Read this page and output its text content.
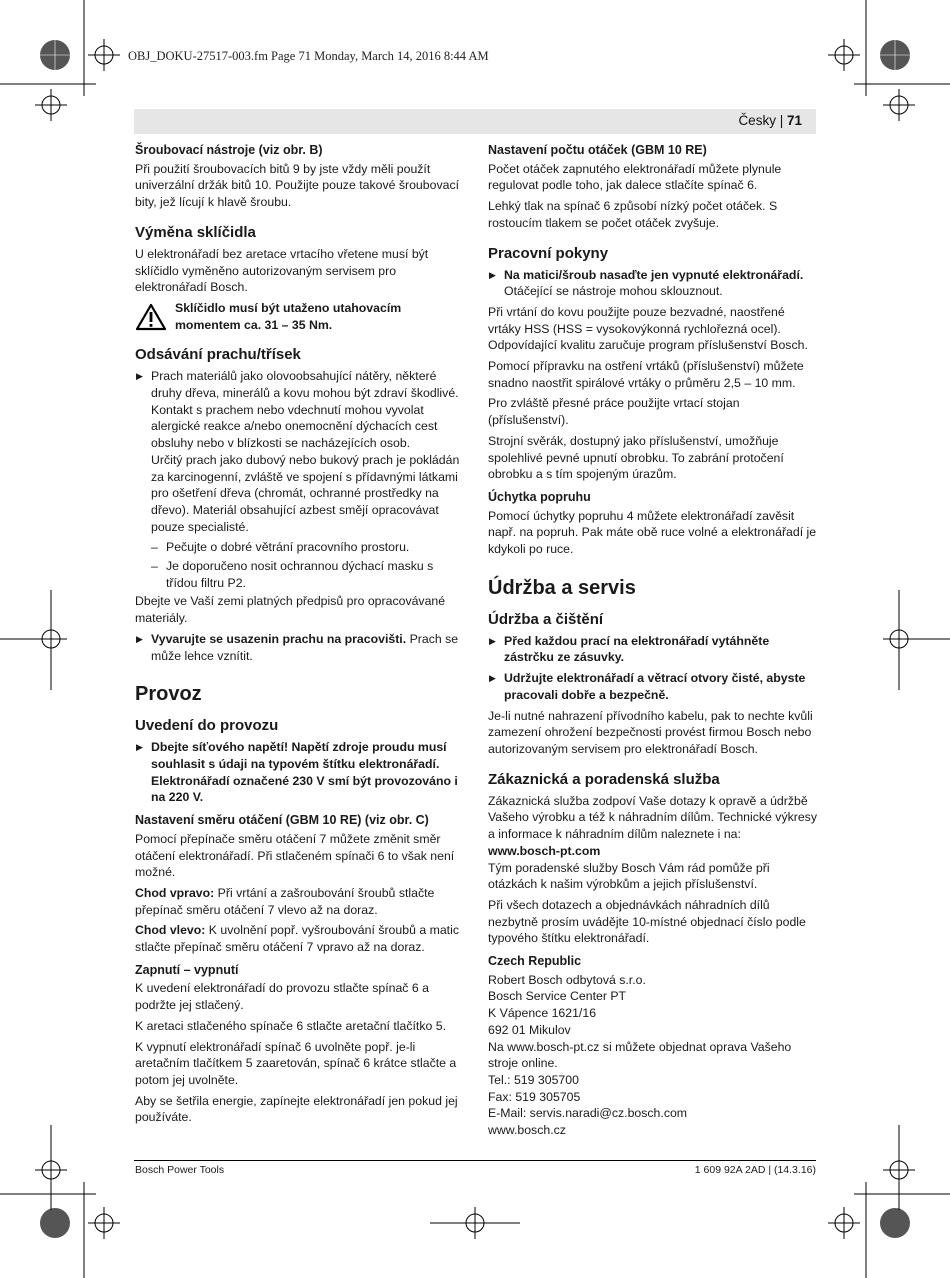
OBJ_DOKU-27517-003.fm Page 71 Monday, March 14, 2016 8:44 AM
Česky | 71
Šroubovací nástroje (viz obr. B)

Při použití šroubovacích bitů 9 by jste vždy měli použít univerzální držák bitů 10. Použijte pouze takové šroubovací bity, jež lícují k hlavě šroubu.

Výměna sklíčidla

U elektronářadí bez aretace vrtacího vřetene musí být sklíčidlo vyměněno autorizovaným servisem pro elektronářadí Bosch.

Sklíčidlo musí být utaženo utahovacím momentem ca. 31 – 35 Nm.
Odsávání prachu/třísek
▶ Prach materiálů jako olovoobsahující nátěry, některé druhy dřeva, minerálů a kovu mohou být zdraví škodlivé. Kontakt s prachem nebo vdechnutí mohou vyvolat alergické reakce a/nebo onemocnění dýchacích cest obsluhy nebo v blízkosti se nacházejících osob.
Určitý prach jako dubový nebo bukový prach je pokládán za karcinogenní, zvláště ve spojení s přídavnými látkami pro ošetření dřeva (chromát, ochranné prostředky na dřevo). Materiál obsahující azbest smějí opracovávat pouze specialisté.
– Pečujte o dobré větrání pracovního prostoru.
– Je doporučeno nosit ochrannou dýchací masku s třídou filtru P2.

Dbejte ve Vaší zemi platných předpisů pro opracovávané materiály.

▶ Vyvarujte se usazenin prachu na pracovišti. Prach se může lehce vznítit.
Provoz
Uvedení do provozu
▶ Dbejte síťového napětí! Napětí zdroje proudu musí souhlasit s údaji na typovém štítku elektronářadí. Elektronářadí označené 230 V smí být provozováno i na 220 V.
Nastavení směru otáčení (GBM 10 RE) (viz obr. C)

Pomocí přepínače směru otáčení 7 můžete změnit směr otáčení elektronářadí. Při stlačeném spínači 6 to však není možné.

Chod vpravo: Při vrtání a zašroubování šroubů stlačte přepínač směru otáčení 7 vlevo až na doraz.

Chod vlevo: K uvolnění popř. vyšroubování šroubů a matic stlačte přepínač směru otáčení 7 vpravo až na doraz.

Zapnutí – vypnutí

K uvedení elektronářadí do provozu stlačte spínač 6 a podržte jej stlačený.

K aretaci stlačeného spínače 6 stlačte aretační tlačítko 5.

K vypnutí elektronářadí spínač 6 uvolněte popř. je-li aretačním tlačítkem 5 zaaretován, spínač 6 krátce stlačte a potom jej uvolněte.

Aby se šetřila energie, zapínejte elektronářadí jen pokud jej používáte.

Nastavení počtu otáček (GBM 10 RE)

Počet otáček zapnutého elektronářadí můžete plynule regulovat podle toho, jak dalece stlačíte spínač 6.

Lehký tlak na spínač 6 způsobí nízký počet otáček. S rostoucím tlakem se počet otáček zvyšuje.

Pracovní pokyny
▶ Na matici/šroub nasaďte jen vypnuté elektronářadí.
Otáčející se nástroje mohou sklouznout.

Při vrtání do kovu použijte pouze bezvadné, naostřené vrtáky HSS (HSS = vysokovýkonná rychlořezná ocel). Odpovídající kvalitu zaručuje program příslušenství Bosch.

Pomocí přípravku na ostření vrtáků (příslušenství) můžete snadno naostřit spirálové vrtáky o průměru 2,5 – 10 mm.

Pro zvláště přesné práce použijte vrtací stojan (příslušenství).

Strojní svěrák, dostupný jako příslušenství, umožňuje spolehlivé pevné upnutí obrobku. To zabrání protočení obrobku a s tím spojeným úrazům.

Úchytka popruhu

Pomocí úchytky popruhu 4 můžete elektronářadí zavěsit např. na popruh. Pak máte obě ruce volné a elektronářadí je kdykoli po ruce.

Údržba a servis
Údržba a čištění
▶ Před každou prací na elektronářadí vytáhněte zástrčku ze zásuvky.
▶ Udržujte elektronářadí a větrací otvory čisté, abyste pracovali dobře a bezpečně.

Je-li nutné nahrazení přívodního kabelu, pak to nechte kvůli zamezení ohrožení bezpečnosti provést firmou Bosch nebo autorizovaným servisem pro elektronářadí Bosch.

Zákaznická a poradenská služba

Zákaznická služba zodpoví Vaše dotazy k opravě a údržbě Vašeho výrobku a též k náhradním dílům. Technické výkresy a informace k náhradním dílům naleznete i na:

www.bosch-pt.com

Tým poradenské služby Bosch Vám rád pomůže při otázkách k našim výrobkům a jejich příslušenství.

Při všech dotazech a objednávkách náhradních dílů nezbytně prosím uvádějte 10-místné objednací číslo podle typového štítku elektronářadí.

Czech Republic
Robert Bosch odbytová s.r.o.
Bosch Service Center PT
K Vápence 1621/16
692 01 Mikulov
Na www.bosch-pt.cz si můžete objednat oprava Vašeho stroje online.
Tel.: 519 305700
Fax: 519 305705
E-Mail: servis.naradi@cz.bosch.com
www.bosch.cz
Bosch Power Tools	1 609 92A 2AD | (14.3.16)
